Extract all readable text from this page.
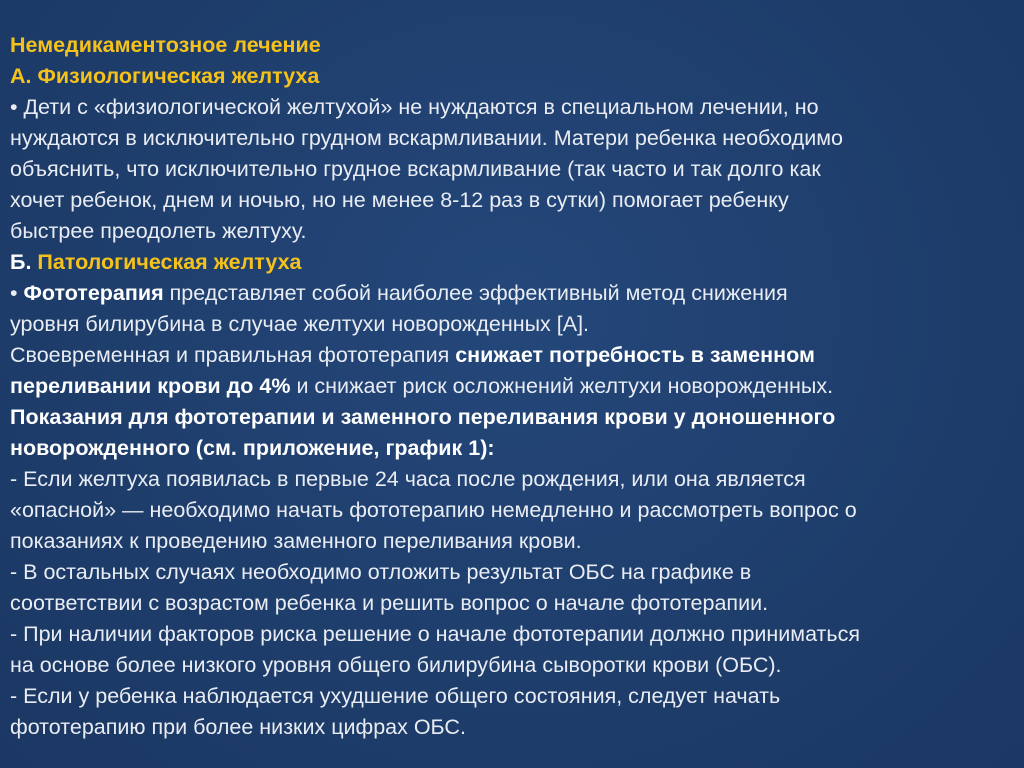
Немедикаментозное лечение
А. Физиологическая желтуха
• Дети с «физиологической желтухой» не нуждаются в специальном лечении, но
нуждаются в исключительно грудном вскармливании. Матери ребенка необходимо
объяснить, что исключительно грудное вскармливание (так часто и так долго как
хочет ребенок, днем и ночью, но не менее 8-12 раз в сутки) помогает ребенку
быстрее преодолеть желтуху.
Б. Патологическая желтуха
• Фототерапия представляет собой наиболее эффективный метод снижения
уровня билирубина в случае желтухи новорожденных [A].
Своевременная и правильная фототерапия снижает потребность в заменном
переливании крови до 4% и снижает риск осложнений желтухи новорожденных.
Показания для фототерапии и заменного переливания крови у доношенного
новорожденного (см. приложение, график 1):
- Если желтуха появилась в первые 24 часа после рождения, или она является
«опасной» — необходимо начать фототерапию немедленно и рассмотреть вопрос о
показаниях к проведению заменного переливания крови.
- В остальных случаях необходимо отложить результат ОБС на графике в
соответствии с возрастом ребенка и решить вопрос о начале фототерапии.
- При наличии факторов риска решение о начале фототерапии должно приниматься
на основе более низкого уровня общего билирубина сыворотки крови (ОБС).
- Если у ребенка наблюдается ухудшение общего состояния, следует начать
фототерапию при более низких цифрах ОБС.
